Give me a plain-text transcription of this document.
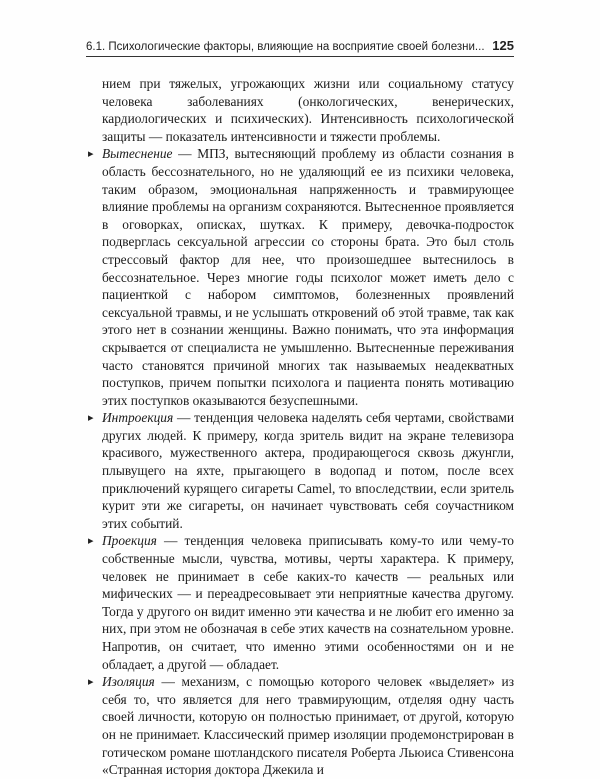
6.1. Психологические факторы, влияющие на восприятие своей болезни... 125

нием при тяжелых, угрожающих жизни или социальному статусу человека заболеваниях (онкологических, венерических, кардиологических и психических). Интенсивность психологической защиты — показатель интенсивности и тяжести проблемы.

▸ Вытеснение — МПЗ, вытесняющий проблему из области сознания в область бессознательного, но не удаляющий ее из психики человека, таким образом, эмоциональная напряженность и травмирующее влияние проблемы на организм сохраняются. Вытесненное проявляется в оговорках, описках, шутках. К примеру, девочка-подросток подверглась сексуальной агрессии со стороны брата. Это был столь стрессовый фактор для нее, что произошедшее вытеснилось в бессознательное. Через многие годы психолог может иметь дело с пациенткой с набором симптомов, болезненных проявлений сексуальной травмы, и не услышать откровений об этой травме, так как этого нет в сознании женщины. Важно понимать, что эта информация скрывается от специалиста не умышленно. Вытесненные переживания часто становятся причиной многих так называемых неадекватных поступков, причем попытки психолога и пациента понять мотивацию этих поступков оказываются безуспешными.

▸ Интроекция — тенденция человека наделять себя чертами, свойствами других людей. К примеру, когда зритель видит на экране телевизора красивого, мужественного актера, продирающегося сквозь джунгли, плывущего на яхте, прыгающего в водопад и потом, после всех приключений курящего сигареты Camel, то впоследствии, если зритель курит эти же сигареты, он начинает чувствовать себя соучастником этих событий.

▸ Проекция — тенденция человека приписывать кому-то или чему-то собственные мысли, чувства, мотивы, черты характера. К примеру, человек не принимает в себе каких-то качеств — реальных или мифических — и переадресовывает эти неприятные качества другому. Тогда у другого он видит именно эти качества и не любит его именно за них, при этом не обозначая в себе этих качеств на сознательном уровне. Напротив, он считает, что именно этими особенностями он и не обладает, а другой — обладает.

▸ Изоляция — механизм, с помощью которого человек «выделяет» из себя то, что является для него травмирующим, отделяя одну часть своей личности, которую он полностью принимает, от другой, которую он не принимает. Классический пример изоляции продемонстрирован в готическом романе шотландского писателя Роберта Льюиса Стивенсона «Странная история доктора Джекила и
